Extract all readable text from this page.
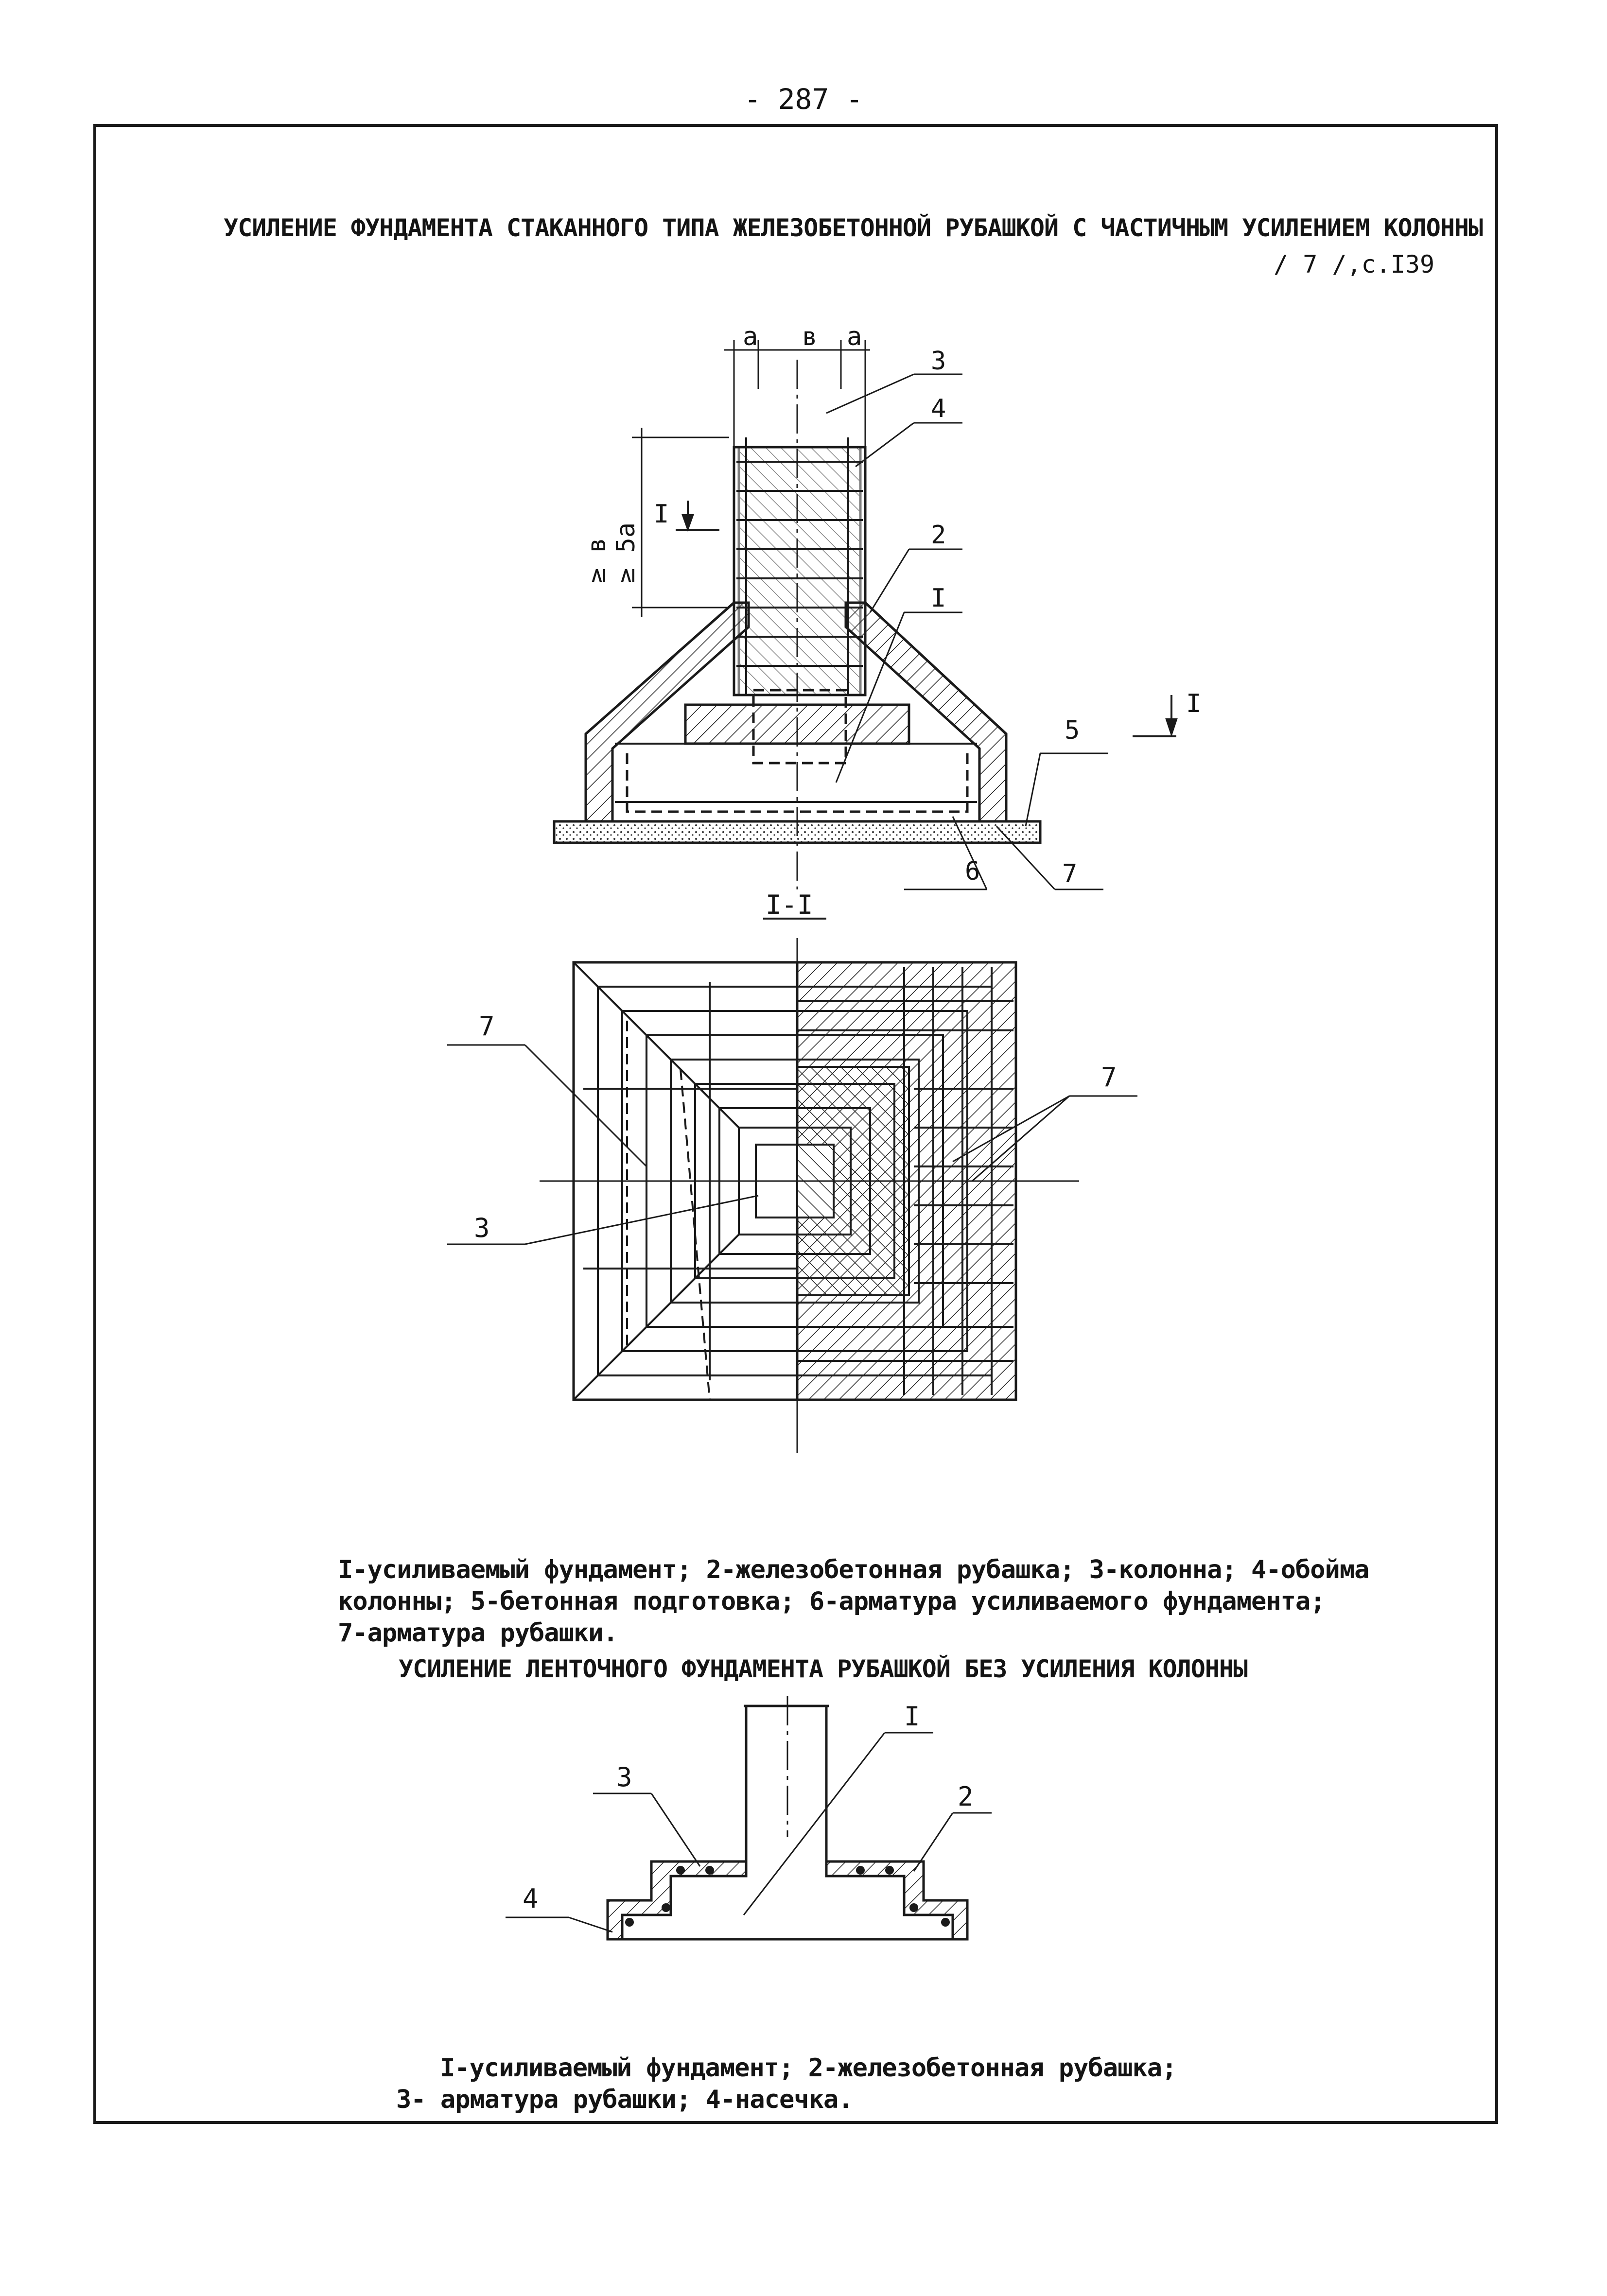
- 287 -
УСИЛЕНИЕ ФУНДАМЕНТА СТАКАННОГО ТИПА ЖЕЛЕЗОБЕТОННОЙ РУБАШКОЙ С ЧАСТИЧНЫМ УСИЛЕНИЕМ КОЛОННЫ
/ 7 /,с.I39
a в a
≥ в ≥ 5a
I
I
3
4
2
I
5
6	7
I-I
7
3
7
I
3
2
4
I-усиливаемый фундамент; 2-железобетонная рубашка; 3-колонна; 4-обойма
колонны; 5-бетонная подготовка; 6-арматура усиливаемого фундамента;
7-арматура рубашки.
УСИЛЕНИЕ ЛЕНТОЧНОГО ФУНДАМЕНТА РУБАШКОЙ БЕЗ УСИЛЕНИЯ КОЛОННЫ
I-усиливаемый фундамент; 2-железобетонная рубашка;
3- арматура рубашки; 4-насечка.
